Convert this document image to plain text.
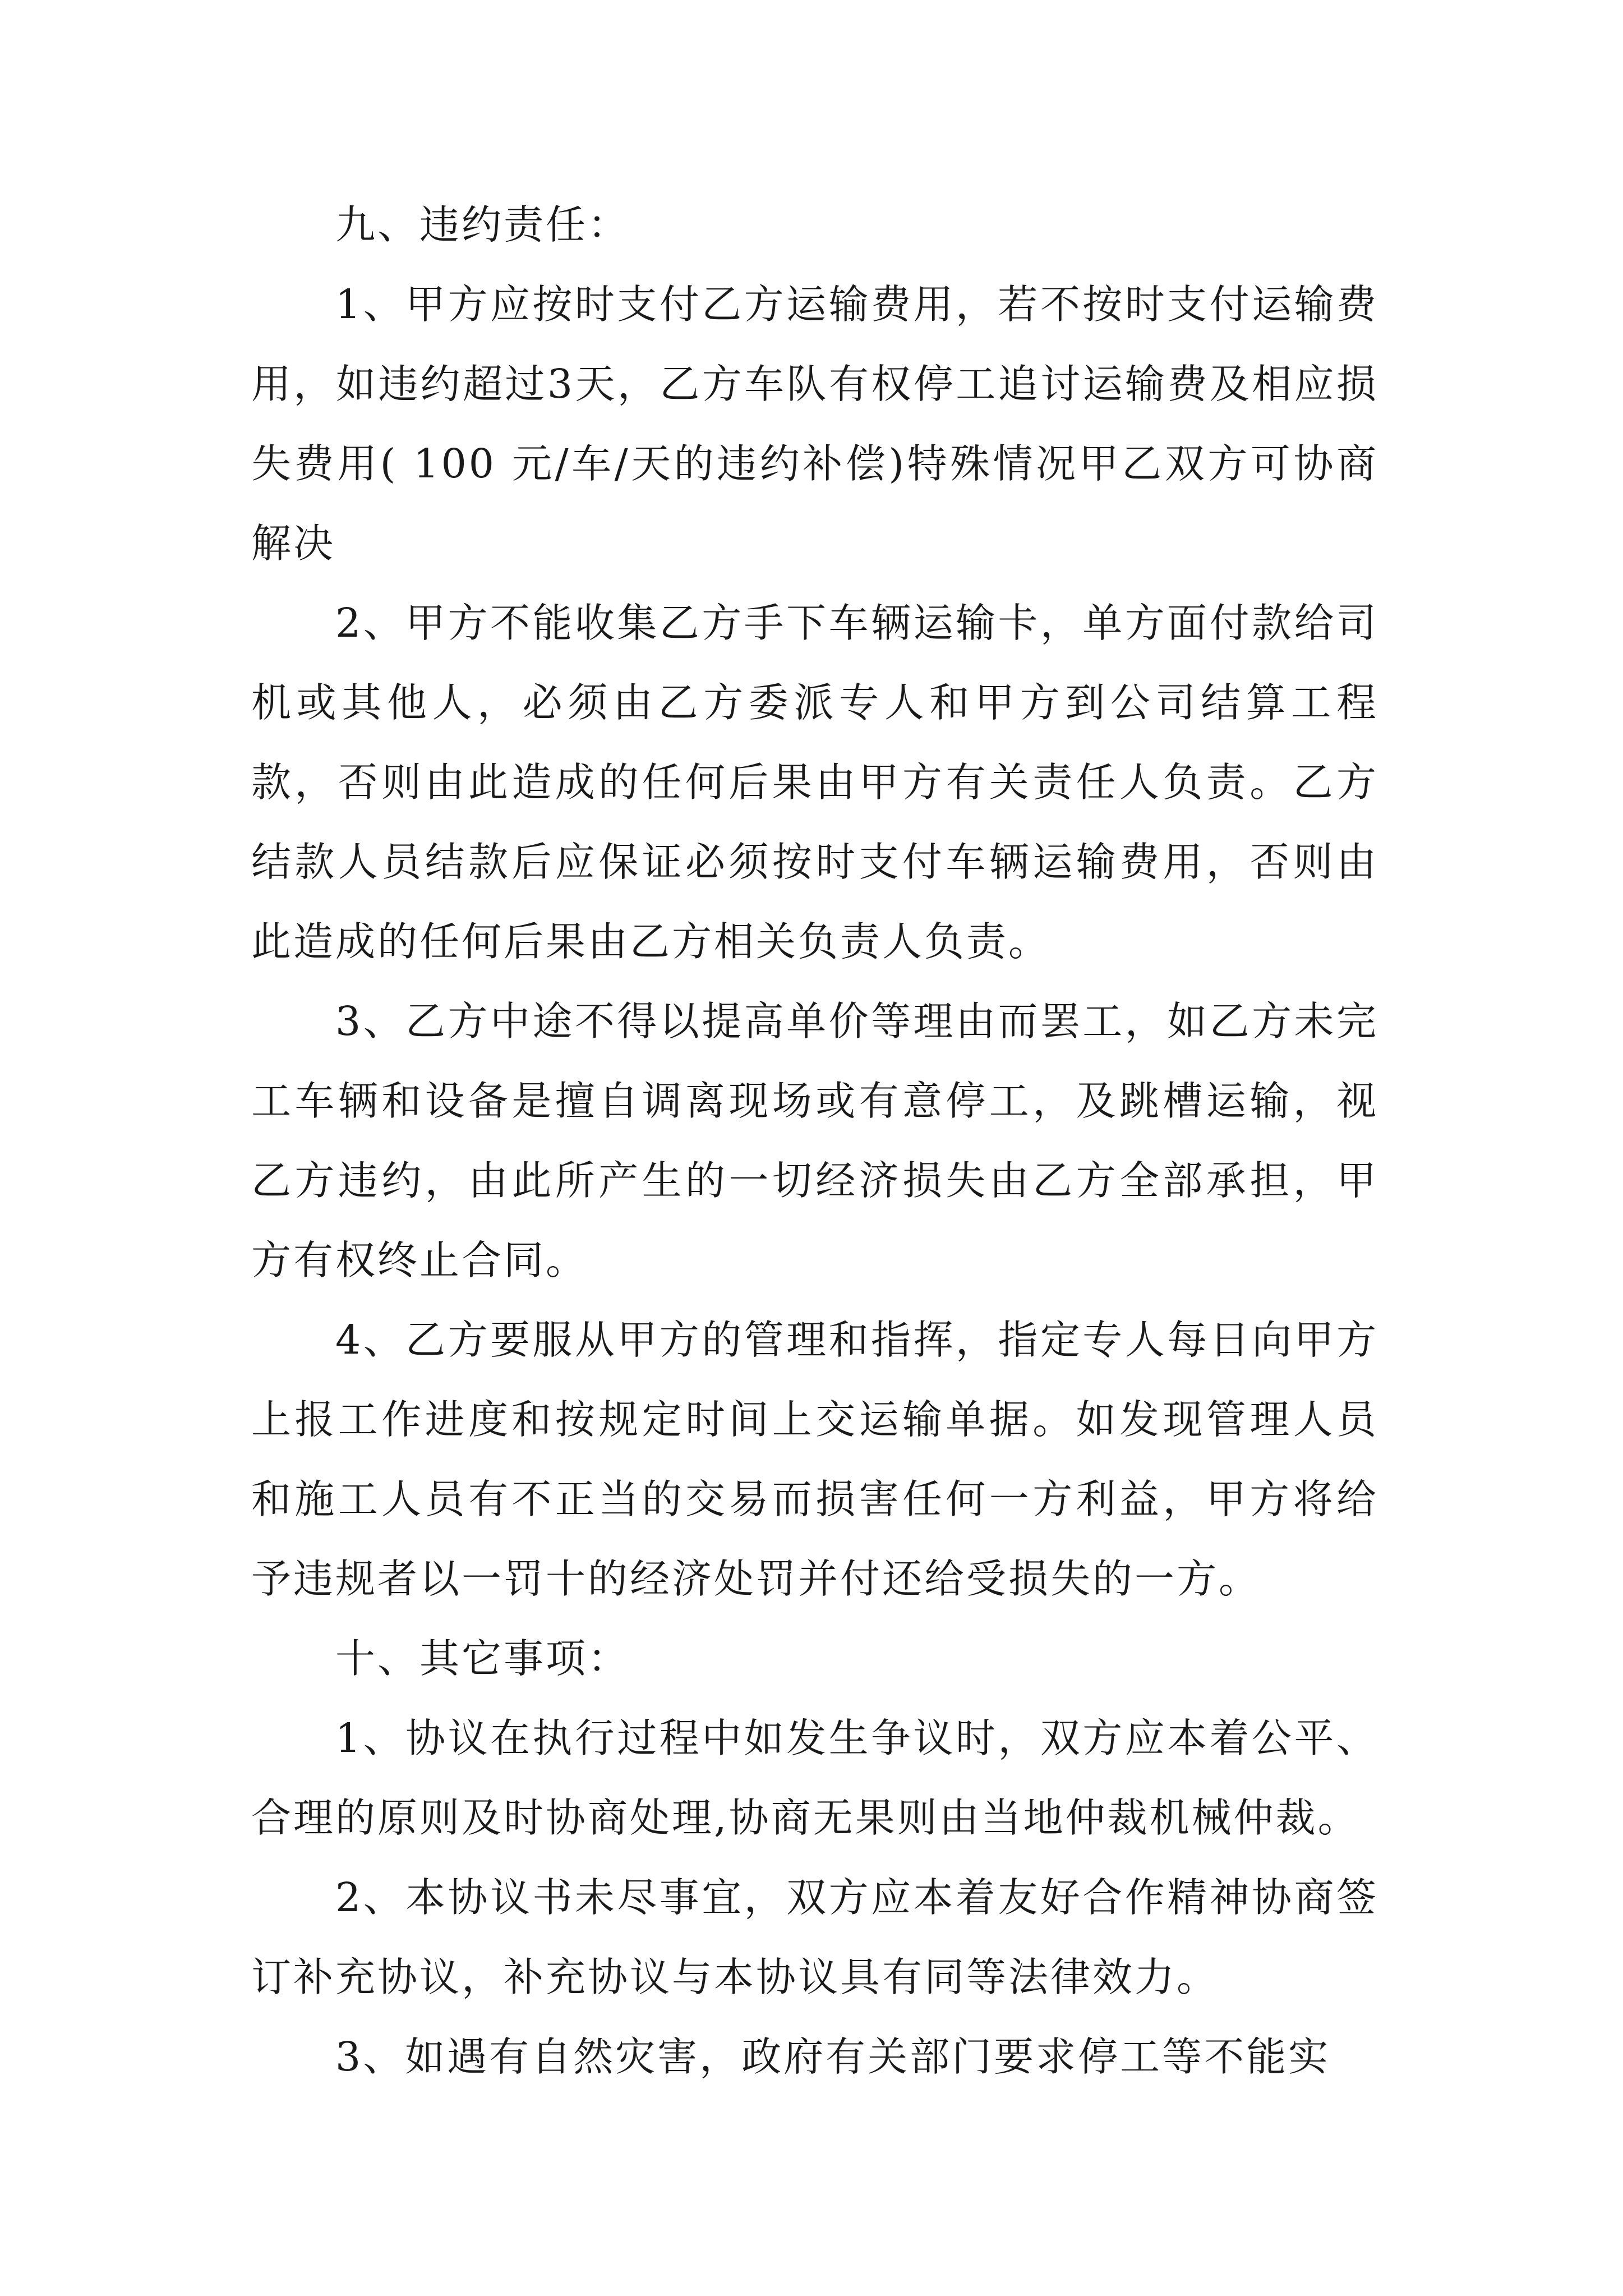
九、违约责任：

1、甲方应按时支付乙方运输费用，若不按时支付运输费用，如违约超过3天，乙方车队有权停工追讨运输费及相应损失费用( 100 元/车/天的违约补偿)特殊情况甲乙双方可协商解决

2、甲方不能收集乙方手下车辆运输卡，单方面付款给司机或其他人，必须由乙方委派专人和甲方到公司结算工程款，否则由此造成的任何后果由甲方有关责任人负责。乙方结款人员结款后应保证必须按时支付车辆运输费用，否则由此造成的任何后果由乙方相关负责人负责。

3、乙方中途不得以提高单价等理由而罢工，如乙方未完工车辆和设备是擅自调离现场或有意停工，及跳槽运输，视乙方违约，由此所产生的一切经济损失由乙方全部承担，甲方有权终止合同。

4、乙方要服从甲方的管理和指挥，指定专人每日向甲方上报工作进度和按规定时间上交运输单据。如发现管理人员和施工人员有不正当的交易而损害任何一方利益，甲方将给予违规者以一罚十的经济处罚并付还给受损失的一方。

十、其它事项：

1、协议在执行过程中如发生争议时，双方应本着公平、合理的原则及时协商处理,协商无果则由当地仲裁机械仲裁。

2、本协议书未尽事宜，双方应本着友好合作精神协商签订补充协议，补充协议与本协议具有同等法律效力。

3、如遇有自然灾害，政府有关部门要求停工等不能实
